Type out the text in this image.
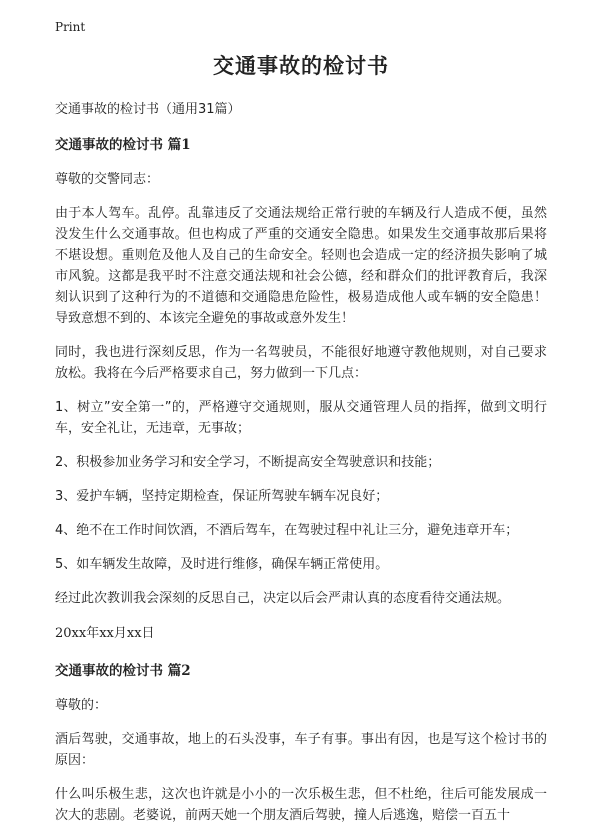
Print
交通事故的检讨书
交通事故的检讨书（通用31篇）
交通事故的检讨书 篇1
尊敬的交警同志：
由于本人驾车。乱停。乱靠违反了交通法规给正常行驶的车辆及行人造成不便，虽然没发生什么交通事故。但也构成了严重的交通安全隐患。如果发生交通事故那后果将不堪设想。重则危及他人及自己的生命安全。轻则也会造成一定的经济损失影响了城市风貌。这都是我平时不注意交通法规和社会公德，经和群众们的批评教育后，我深刻认识到了这种行为的不道德和交通隐患危险性，极易造成他人或车辆的安全隐患！导致意想不到的、本该完全避免的事故或意外发生！
同时，我也进行深刻反思，作为一名驾驶员，不能很好地遵守教他规则，对自己要求放松。我将在今后严格要求自己，努力做到一下几点：
1、树立”安全第一”的，严格遵守交通规则，服从交通管理人员的指挥，做到文明行车，安全礼让，无违章，无事故；
2、积极参加业务学习和安全学习，不断提高安全驾驶意识和技能；
3、爱护车辆，坚持定期检查，保证所驾驶车辆车况良好；
4、绝不在工作时间饮酒，不酒后驾车，在驾驶过程中礼让三分，避免违章开车；
5、如车辆发生故障，及时进行维修，确保车辆正常使用。
经过此次教训我会深刻的反思自己，决定以后会严肃认真的态度看待交通法规。
20xx年xx月xx日
交通事故的检讨书 篇2
尊敬的：
酒后驾驶，交通事故，地上的石头没事，车子有事。事出有因，也是写这个检讨书的原因：
什么叫乐极生悲，这次也许就是小小的一次乐极生悲，但不杜绝，往后可能发展成一次大的悲剧。老婆说，前两天她一个朋友酒后驾驶，撞人后逃逸，赔偿一百五十
